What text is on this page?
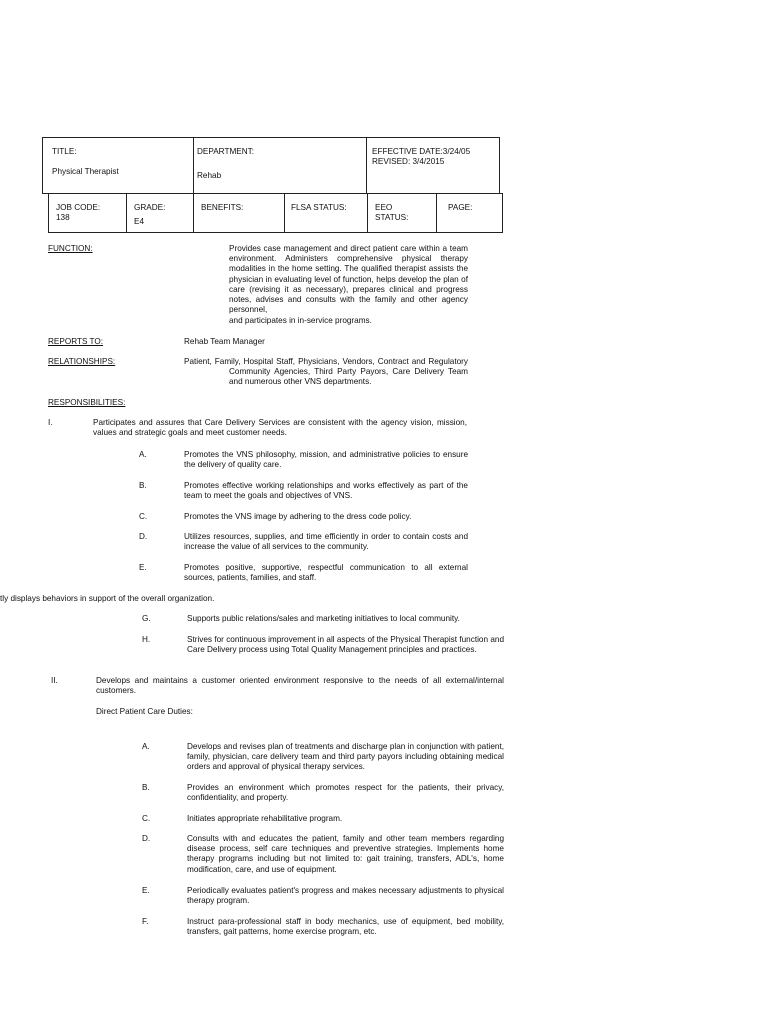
TITLE:
Physical Therapist
DEPARTMENT:
Rehab
EFFECTIVE DATE:3/24/05
REVISED: 3/4/2015
JOB CODE:
138
GRADE:
E4
BENEFITS:	FLSA STATUS:	EEO
STATUS:
PAGE:
FUNCTION:	Provides case management and direct patient care within a team environment. Administers comprehensive physical therapy modalities in the home setting. The qualified therapist assists the physician in evaluating level of function, helps develop the plan of care (revising it as necessary), prepares clinical and progress notes, advises and consults with the family and other agency personnel,
and participates in in-service programs.
REPORTS TO:	Rehab Team Manager
RELATIONSHIPS:	Patient, Family, Hospital Staff, Physicians, Vendors, Contract and Regulatory Community Agencies, Third Party Payors, Care Delivery Team and numerous other VNS departments.
RESPONSIBILITIES:
I.	Participates and assures that Care Delivery Services are consistent with the agency vision, mission, values and strategic goals and meet customer needs.
A.	Promotes the VNS philosophy, mission, and administrative policies to ensure the delivery of quality care.
B.	Promotes effective working relationships and works effectively as part of the team to meet the goals and objectives of VNS.
C.	Promotes the VNS image by adhering to the dress code policy.
D.	Utilizes resources, supplies, and time efficiently in order to contain costs and increase the value of all services to the community.
E.	Promotes positive, supportive, respectful communication to all external sources, patients, families, and staff.
tly displays behaviors in support of the overall organization.
G.	Supports public relations/sales and marketing initiatives to local community.
H.	Strives for continuous improvement in all aspects of the Physical Therapist function and Care Delivery process using Total Quality Management principles and practices.
II.	Develops and maintains a customer oriented environment responsive to the needs of all external/internal customers.
Direct Patient Care Duties:
A.	Develops and revises plan of treatments and discharge plan in conjunction with patient, family, physician, care delivery team and third party payors including obtaining medical orders and approval of physical therapy services.
B.	Provides an environment which promotes respect for the patients, their privacy, confidentiality, and property.
C.	Initiates appropriate rehabilitative program.
D.	Consults with and educates the patient, family and other team members regarding disease process, self care techniques and preventive strategies. Implements home therapy programs including but not limited to: gait training, transfers, ADL's, home modification, care, and use of equipment.
E.	Periodically evaluates patient's progress and makes necessary adjustments to physical therapy program.
F.	Instruct para-professional staff in body mechanics, use of equipment, bed mobility, transfers, gait patterns, home exercise program, etc.
